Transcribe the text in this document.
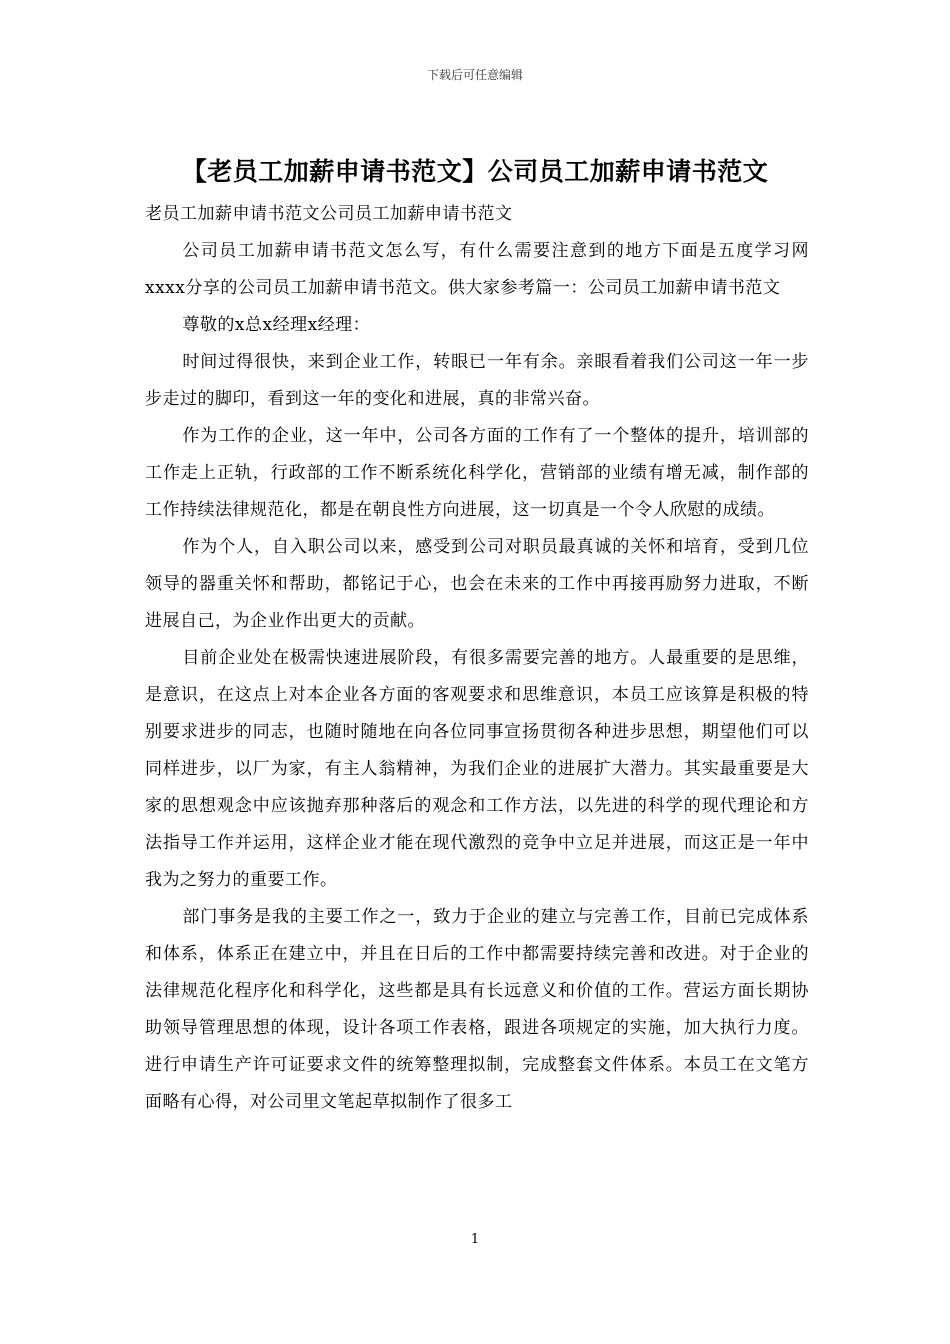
下载后可任意编辑
【老员工加薪申请书范文】公司员工加薪申请书范文

老员工加薪申请书范文公司员工加薪申请书范文

公司员工加薪申请书范文怎么写，有什么需要注意到的地方下面是五度学习网xxxx分享的公司员工加薪申请书范文。供大家参考篇一：公司员工加薪申请书范文

尊敬的x总x经理x经理：

时间过得很快，来到企业工作，转眼已一年有余。亲眼看着我们公司这一年一步步走过的脚印，看到这一年的变化和进展，真的非常兴奋。

作为工作的企业，这一年中，公司各方面的工作有了一个整体的提升，培训部的工作走上正轨，行政部的工作不断系统化科学化，营销部的业绩有增无减，制作部的工作持续法律规范化，都是在朝良性方向进展，这一切真是一个令人欣慰的成绩。

作为个人，自入职公司以来，感受到公司对职员最真诚的关怀和培育，受到几位领导的器重关怀和帮助，都铭记于心，也会在未来的工作中再接再励努力进取，不断进展自己，为企业作出更大的贡献。

目前企业处在极需快速进展阶段，有很多需要完善的地方。人最重要的是思维，是意识，在这点上对本企业各方面的客观要求和思维意识，本员工应该算是积极的特别要求进步的同志，也随时随地在向各位同事宣扬贯彻各种进步思想，期望他们可以同样进步，以厂为家，有主人翁精神，为我们企业的进展扩大潜力。其实最重要是大家的思想观念中应该抛弃那种落后的观念和工作方法，以先进的科学的现代理论和方法指导工作并运用，这样企业才能在现代激烈的竞争中立足并进展，而这正是一年中我为之努力的重要工作。

部门事务是我的主要工作之一，致力于企业的建立与完善工作，目前已完成体系和体系，体系正在建立中，并且在日后的工作中都需要持续完善和改进。对于企业的法律规范化程序化和科学化，这些都是具有长远意义和价值的工作。营运方面长期协助领导管理思想的体现，设计各项工作表格，跟进各项规定的实施，加大执行力度。进行申请生产许可证要求文件的统筹整理拟制，完成整套文件体系。本员工在文笔方面略有心得，对公司里文笔起草拟制作了很多工

1
